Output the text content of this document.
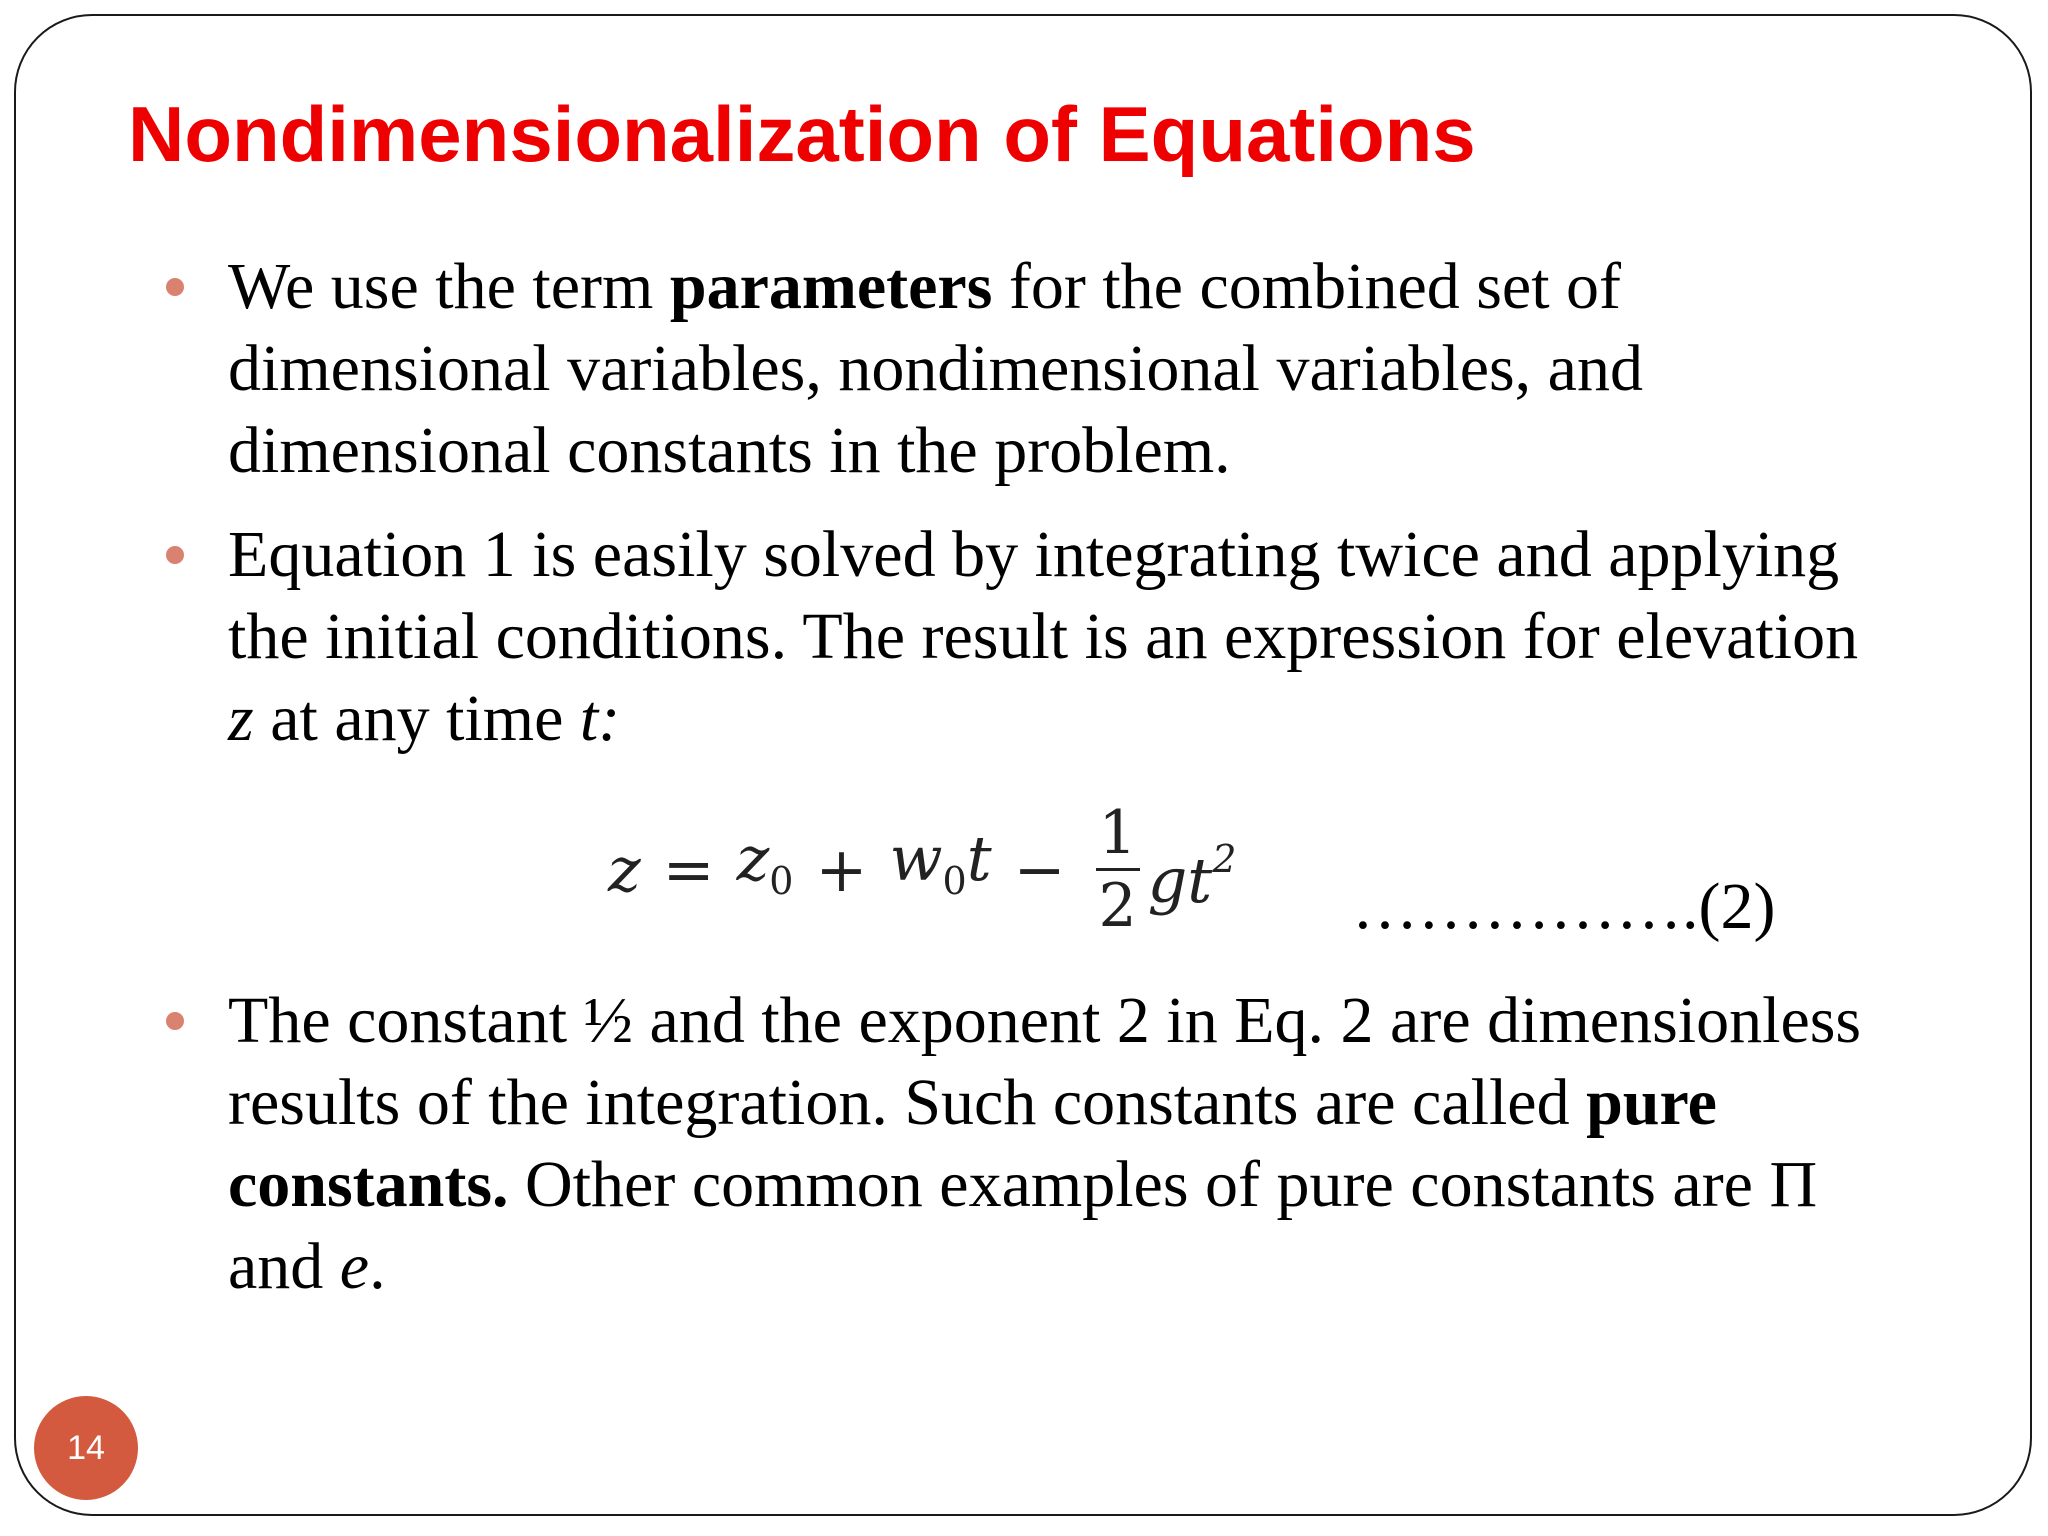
Nondimensionalization of Equations
We use the term parameters for the combined set of dimensional variables, nondimensional variables, and dimensional constants in the problem.
Equation 1 is easily solved by integrating twice and applying the initial conditions. The result is an expression for elevation z at any time t:
$z = z_0 + w_0t - \frac{1}{2} gt^2$
…………….(2)
The constant ½ and the exponent 2 in Eq. 2 are dimensionless results of the integration. Such constants are called pure constants. Other common examples of pure constants are Π and e.
14
